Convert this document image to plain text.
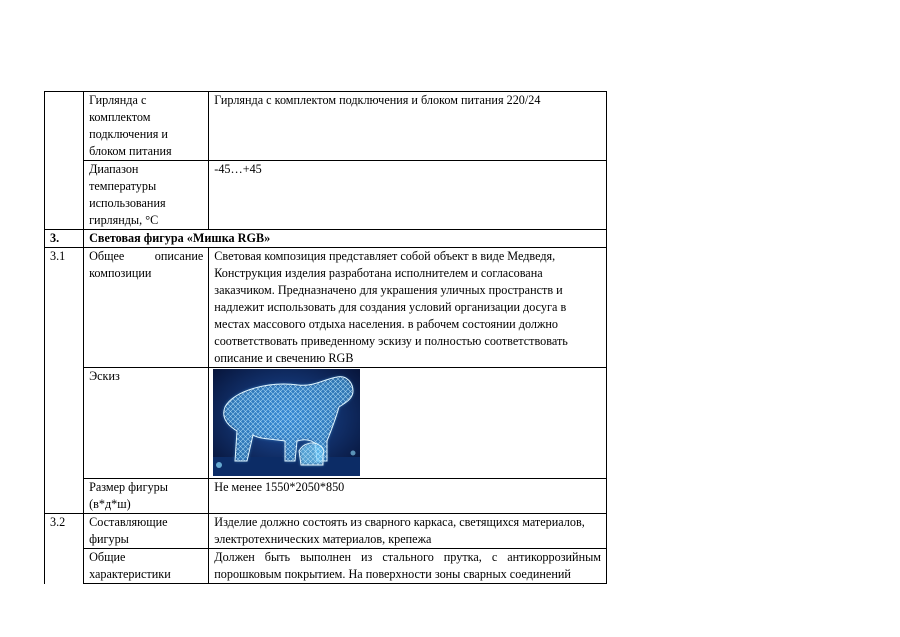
	Гирлянда с комплектом подключения и блоком питания	Гирлянда с комплектом подключения и блоком питания 220/24
	Диапазон температуры использования гирлянды, °С	-45…+45
3.	Световая фигура «Мишка RGB»	
3.1	Общее описание композиции	Световая композиция представляет собой объект в виде Медведя, Конструкция изделия разработана исполнителем и согласована заказчиком. Предназначено для украшения уличных пространств и надлежит использовать для создания условий организации досуга в местах массового отдыха населения. в рабочем состоянии должно соответствовать приведенному эскизу и полностью соответствовать описание и свечению RGB
	Эскиз	

	Размер фигуры (в*д*ш)	Не менее 1550*2050*850
3.2	Составляющие фигуры	Изделие должно состоять из сварного каркаса, светящихся материалов, электротехнических материалов, крепежа
	Общие характеристики	Должен быть выполнен из стального прутка, с антикоррозийным порошковым покрытием. На поверхности зоны сварных соединений
